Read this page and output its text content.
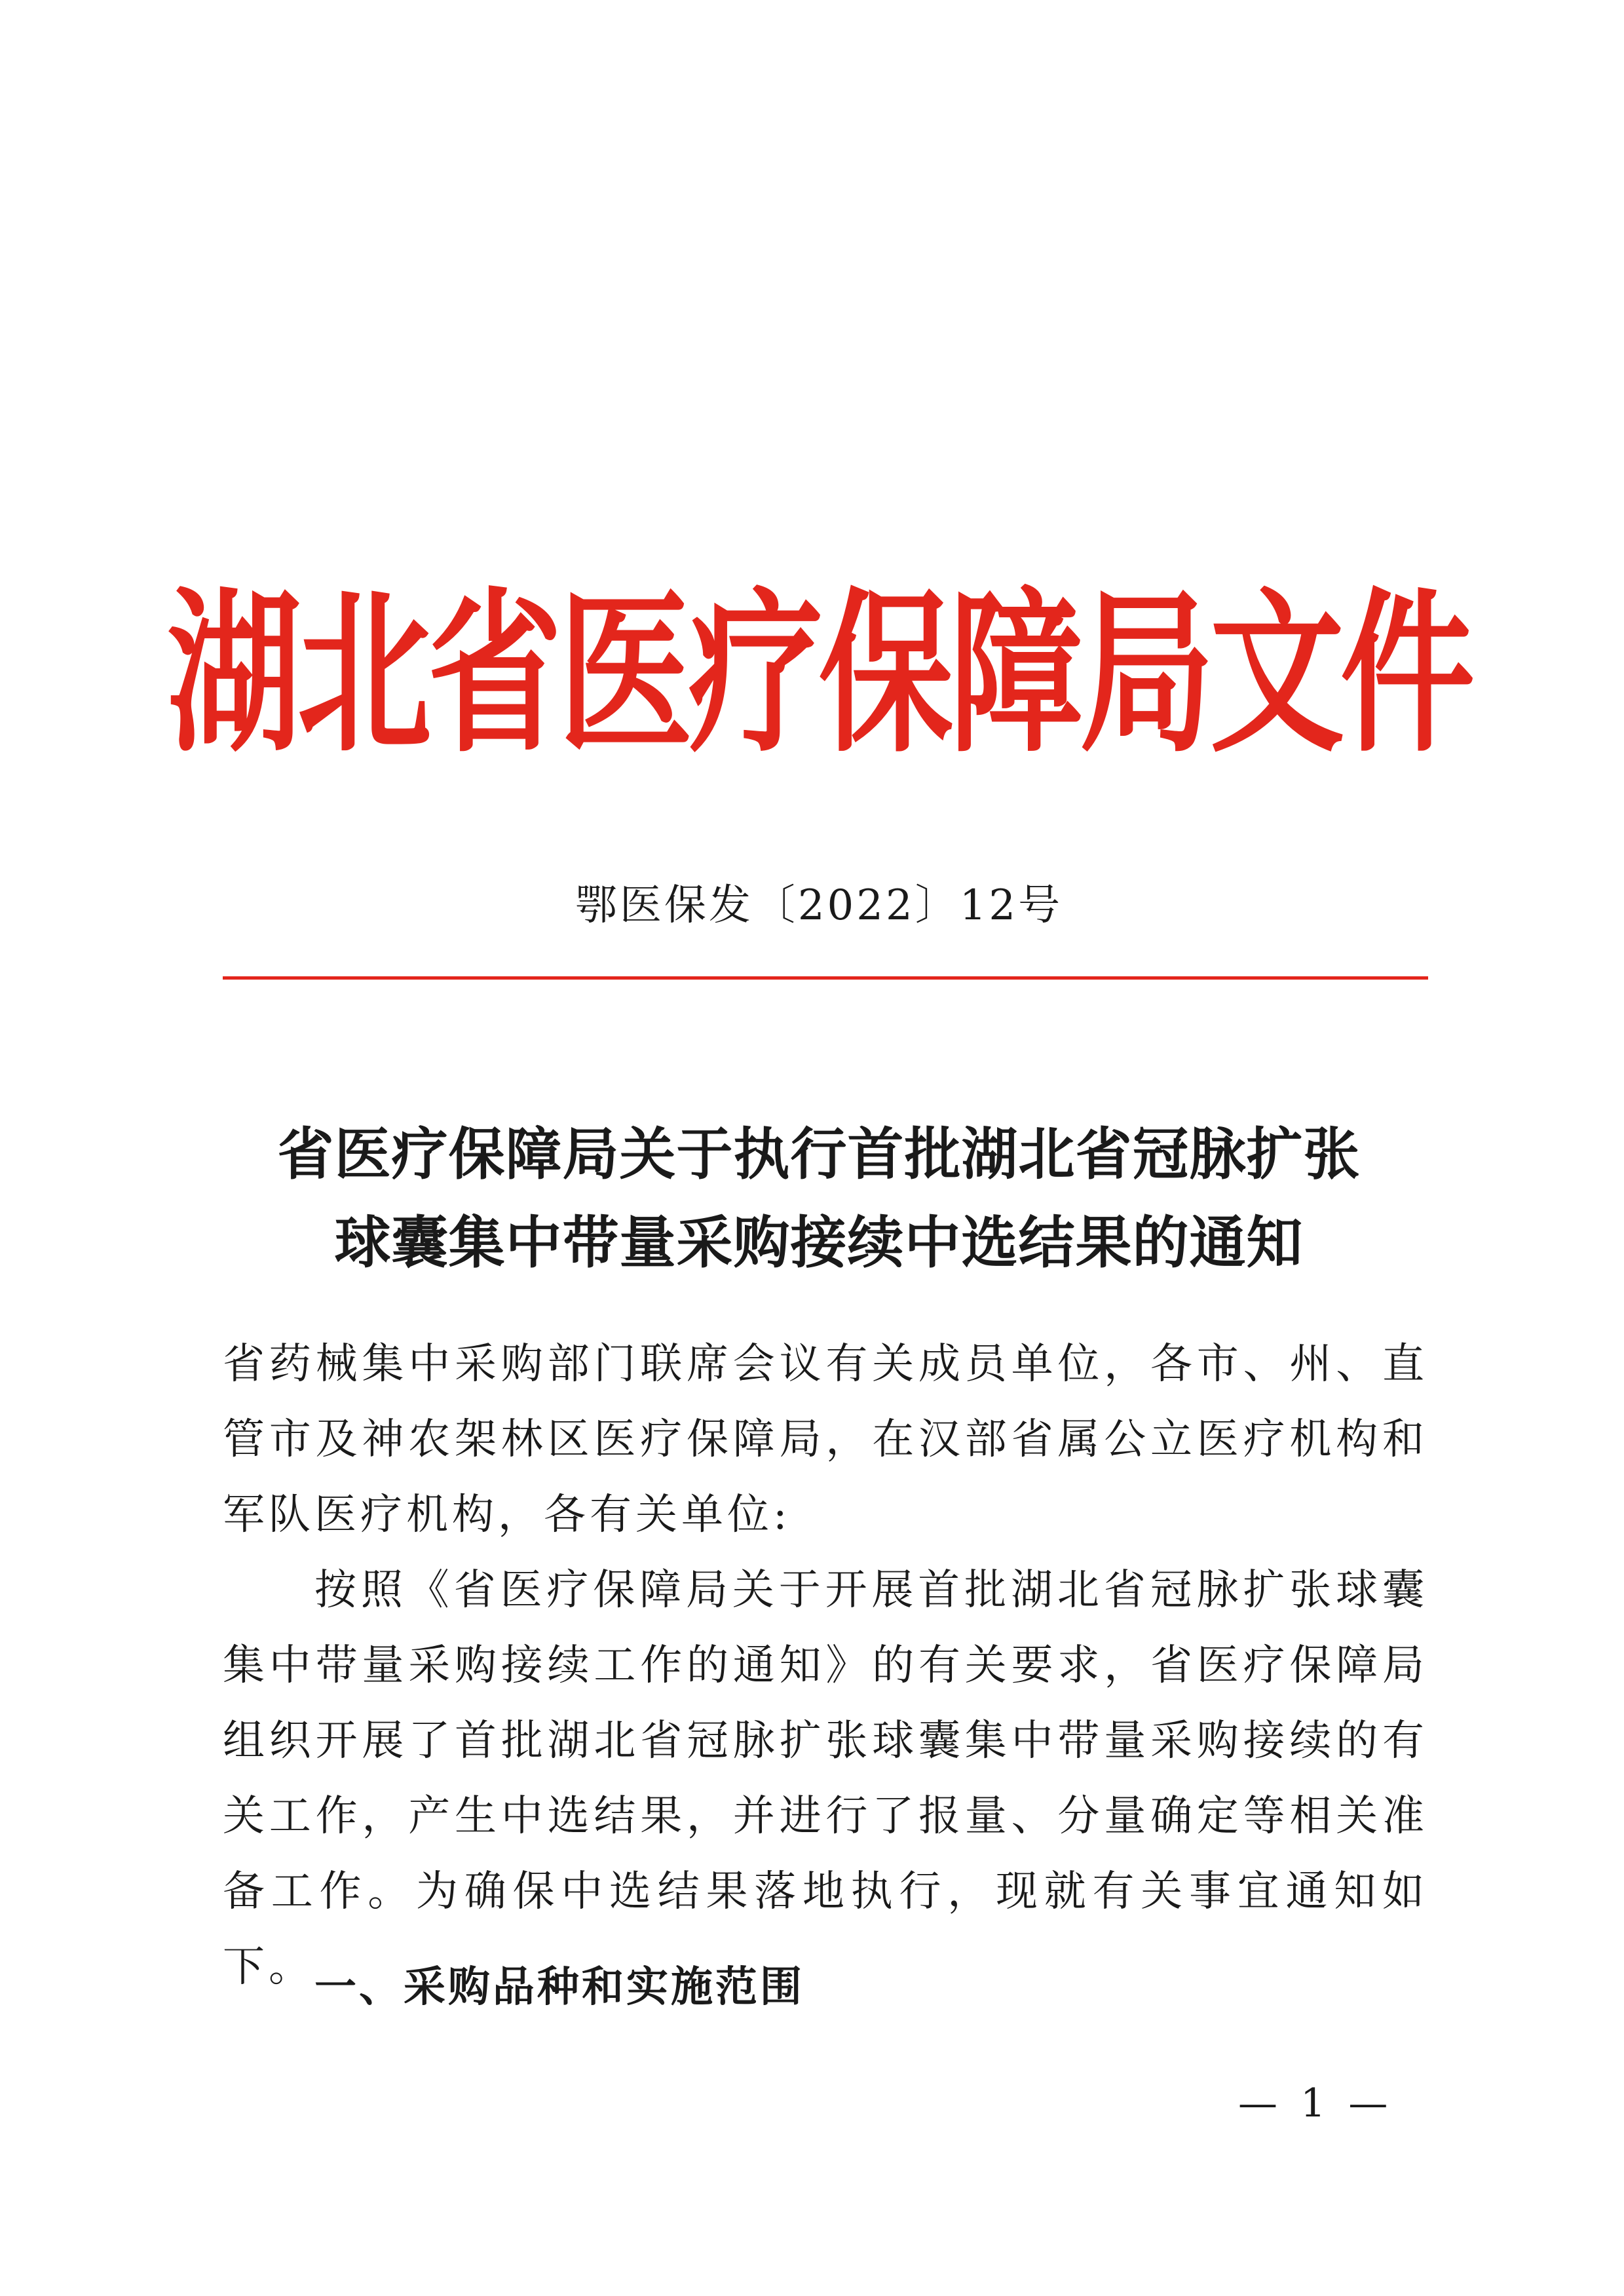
湖北省医疗保障局文件
鄂医保发〔2022〕12号
省医疗保障局关于执行首批湖北省冠脉扩张
球囊集中带量采购接续中选结果的通知

省药械集中采购部门联席会议有关成员单位，各市、州、直管市及神农架林区医疗保障局，在汉部省属公立医疗机构和军队医疗机构，各有关单位:

按照《省医疗保障局关于开展首批湖北省冠脉扩张球囊集中带量采购接续工作的通知》的有关要求，省医疗保障局组织开展了首批湖北省冠脉扩张球囊集中带量采购接续的有关工作，产生中选结果，并进行了报量、分量确定等相关准备工作。为确保中选结果落地执行，现就有关事宜通知如下。 一、采购品种和实施范围
— 1 —
